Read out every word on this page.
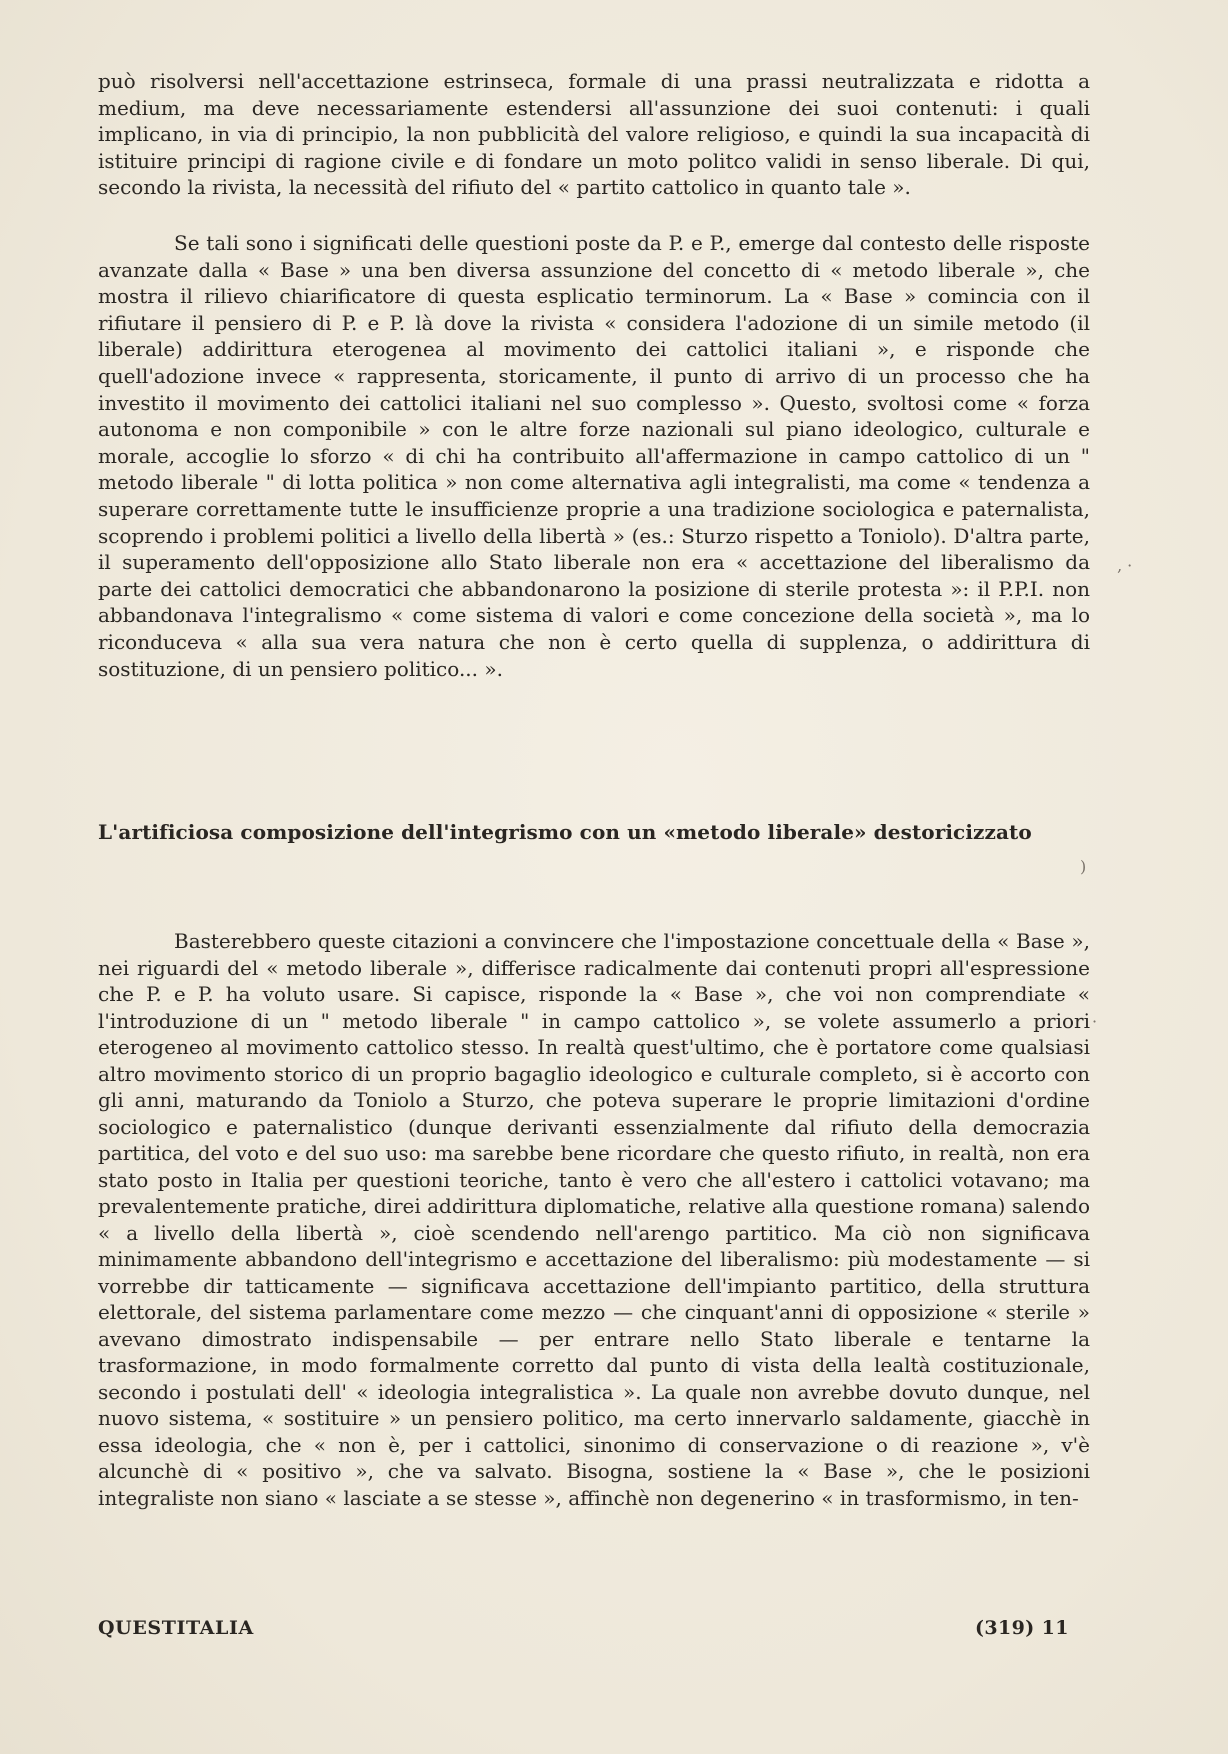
può risolversi nell'accettazione estrinseca, formale di una prassi neutralizzata e ridotta a medium, ma deve necessariamente estendersi all'assunzione dei suoi contenuti: i quali implicano, in via di principio, la non pubblicità del valore religioso, e quindi la sua incapacità di istituire principi di ragione civile e di fondare un moto politco validi in senso liberale. Di qui, secondo la rivista, la necessità del rifiuto del « partito cattolico in quanto tale ».

Se tali sono i significati delle questioni poste da P. e P., emerge dal contesto delle risposte avanzate dalla « Base » una ben diversa assunzione del concetto di « metodo liberale », che mostra il rilievo chiarificatore di questa esplicatio terminorum. La « Base » comincia con il rifiutare il pensiero di P. e P. là dove la rivista « considera l'adozione di un simile metodo (il liberale) addirittura eterogenea al movimento dei cattolici italiani », e risponde che quell'adozione invece « rappresenta, storicamente, il punto di arrivo di un processo che ha investito il movimento dei cattolici italiani nel suo complesso ». Questo, svoltosi come « forza autonoma e non componibile » con le altre forze nazionali sul piano ideologico, culturale e morale, accoglie lo sforzo « di chi ha contribuito all'affermazione in campo cattolico di un " metodo liberale " di lotta politica » non come alternativa agli integralisti, ma come « tendenza a superare correttamente tutte le insufficienze proprie a una tradizione sociologica e paternalista, scoprendo i problemi politici a livello della libertà » (es.: Sturzo rispetto a Toniolo). D'altra parte, il superamento dell'opposizione allo Stato liberale non era « accettazione del liberalismo da parte dei cattolici democratici che abbandonarono la posizione di sterile protesta »: il P.P.I. non abbandonava l'integralismo « come sistema di valori e come concezione della società », ma lo riconduceva « alla sua vera natura che non è certo quella di supplenza, o addirittura di sostituzione, di un pensiero politico... ».

L'artificiosa composizione dell'integrismo con un «metodo liberale» destoricizzato

Basterebbero queste citazioni a convincere che l'impostazione concettuale della « Base », nei riguardi del « metodo liberale », differisce radicalmente dai contenuti propri all'espressione che P. e P. ha voluto usare. Si capisce, risponde la « Base », che voi non comprendiate « l'introduzione di un " metodo liberale " in campo cattolico », se volete assumerlo a priori eterogeneo al movimento cattolico stesso. In realtà quest'ultimo, che è portatore come qualsiasi altro movimento storico di un proprio bagaglio ideologico e culturale completo, si è accorto con gli anni, maturando da Toniolo a Sturzo, che poteva superare le proprie limitazioni d'ordine sociologico e paternalistico (dunque derivanti essenzialmente dal rifiuto della democrazia partitica, del voto e del suo uso: ma sarebbe bene ricordare che questo rifiuto, in realtà, non era stato posto in Italia per questioni teoriche, tanto è vero che all'estero i cattolici votavano; ma prevalentemente pratiche, direi addirittura diplomatiche, relative alla questione romana) salendo « a livello della libertà », cioè scendendo nell'arengo partitico. Ma ciò non significava minimamente abbandono dell'integrismo e accettazione del liberalismo: più modestamente — si vorrebbe dir tatticamente — significava accettazione dell'impianto partitico, della struttura elettorale, del sistema parlamentare come mezzo — che cinquant'anni di opposizione « sterile » avevano dimostrato indispensabile — per entrare nello Stato liberale e tentarne la trasformazione, in modo formalmente corretto dal punto di vista della lealtà costituzionale, secondo i postulati dell' « ideologia integralistica ». La quale non avrebbe dovuto dunque, nel nuovo sistema, « sostituire » un pensiero politico, ma certo innervarlo saldamente, giacchè in essa ideologia, che « non è, per i cattolici, sinonimo di conservazione o di reazione », v'è alcunchè di « positivo », che va salvato. Bisogna, sostiene la « Base », che le posizioni integraliste non siano « lasciate a se stesse », affinchè non degenerino « in trasformismo, in ten-

‚ ·
)
·
QUESTITALIA	(319) 11
